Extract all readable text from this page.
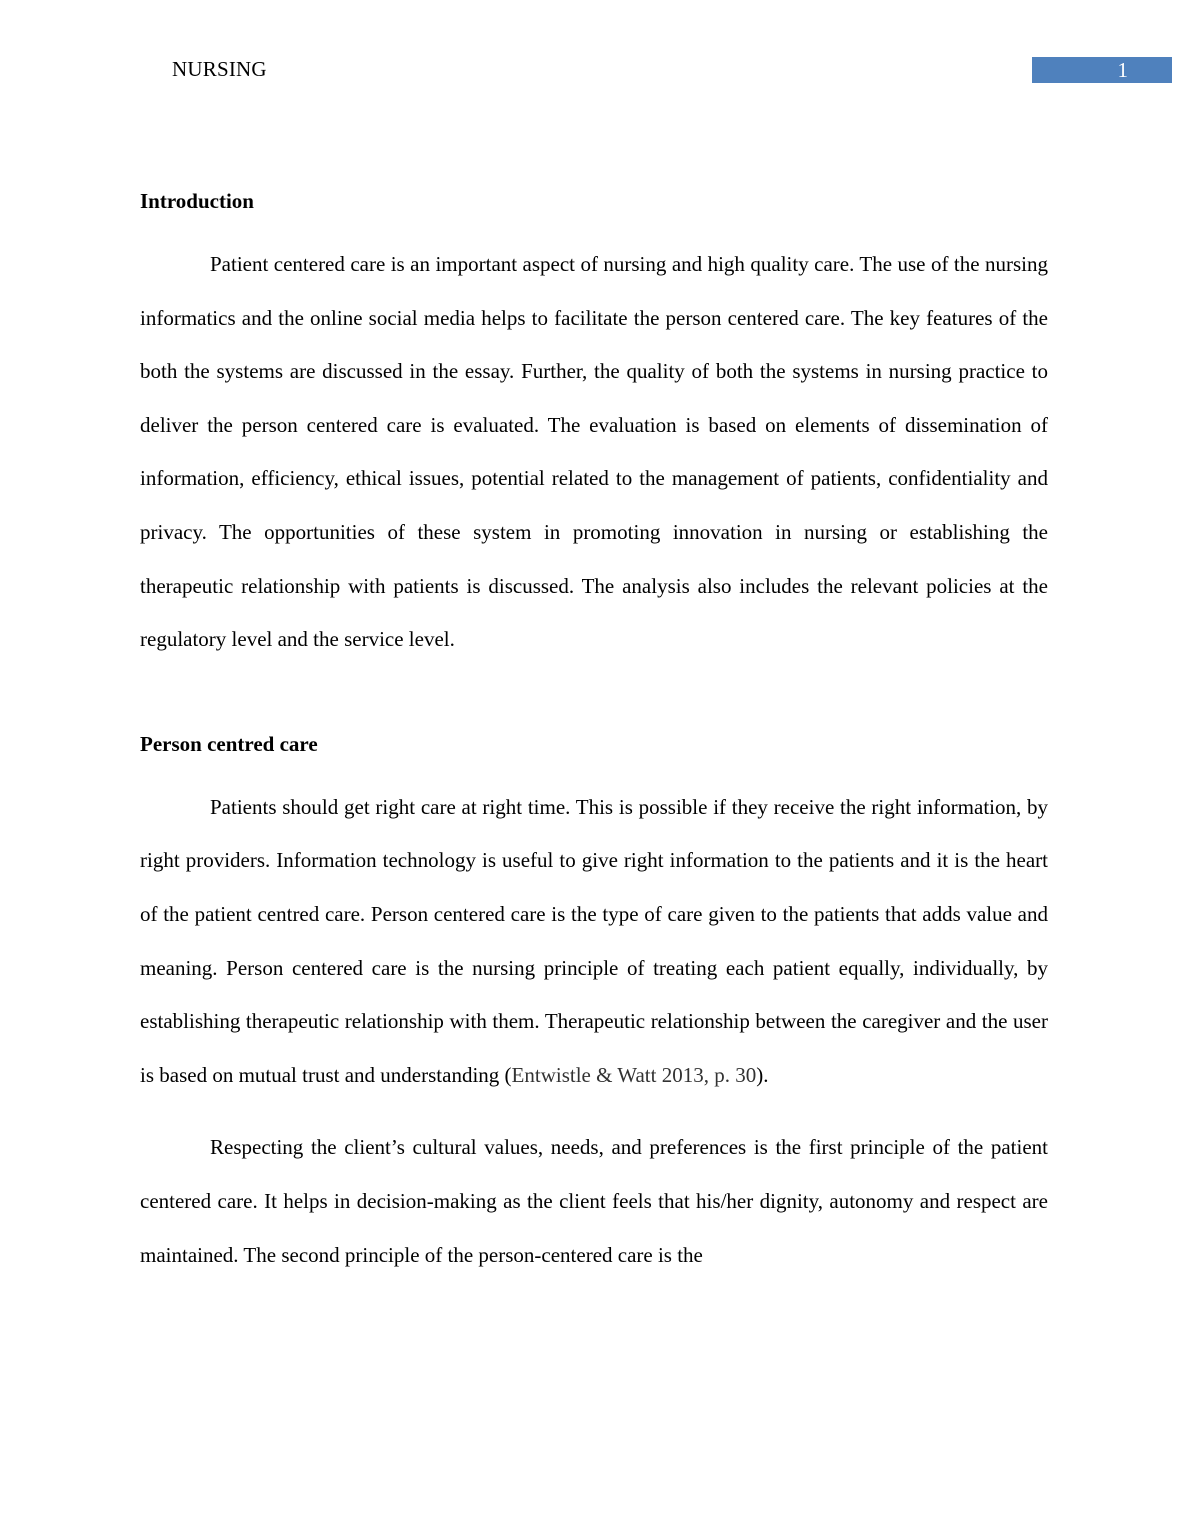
NURSING	1
Introduction

Patient centered care is an important aspect of nursing and high quality care. The use of the nursing informatics and the online social media helps to facilitate the person centered care. The key features of the both the systems are discussed in the essay. Further, the quality of both the systems in nursing practice to deliver the person centered care is evaluated. The evaluation is based on elements of dissemination of information, efficiency, ethical issues, potential related to the management of patients, confidentiality and privacy. The opportunities of these system in promoting innovation in nursing or establishing the therapeutic relationship with patients is discussed. The analysis also includes the relevant policies at the regulatory level and the service level.

Person centred care

Patients should get right care at right time. This is possible if they receive the right information, by right providers. Information technology is useful to give right information to the patients and it is the heart of the patient centred care. Person centered care is the type of care given to the patients that adds value and meaning. Person centered care is the nursing principle of treating each patient equally, individually, by establishing therapeutic relationship with them. Therapeutic relationship between the caregiver and the user is based on mutual trust and understanding (Entwistle & Watt 2013, p. 30).

Respecting the client’s cultural values, needs, and preferences is the first principle of the patient centered care. It helps in decision-making as the client feels that his/her dignity, autonomy and respect are maintained. The second principle of the person-centered care is the
